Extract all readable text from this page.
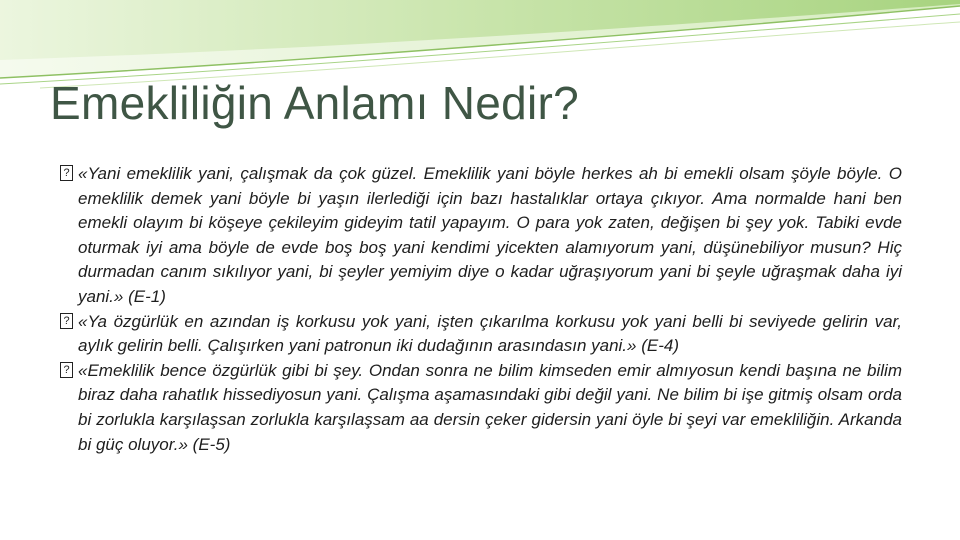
Emekliliğin Anlamı Nedir?

? «Yani emeklilik yani, çalışmak da çok güzel. Emeklilik yani böyle herkes ah bi emekli olsam şöyle böyle. O emeklilik demek yani böyle bi yaşın ilerlediği için bazı hastalıklar ortaya çıkıyor. Ama normalde hani ben emekli olayım bi köşeye çekileyim gideyim tatil yapayım. O para yok zaten, değişen bi şey yok. Tabiki evde oturmak iyi ama böyle de evde boş boş yani kendimi yicekten alamıyorum yani, düşünebiliyor musun? Hiç durmadan canım sıkılıyor yani, bi şeyler yemiyim diye o kadar uğraşıyorum yani bi şeyle uğraşmak daha iyi yani.» (E-1)

? «Ya özgürlük en azından iş korkusu yok yani, işten çıkarılma korkusu yok yani belli bi seviyede gelirin var, aylık gelirin belli. Çalışırken yani patronun iki dudağının arasındasın yani.» (E-4)

? «Emeklilik bence özgürlük gibi bi şey. Ondan sonra ne bilim kimseden emir almıyosun kendi başına ne bilim biraz daha rahatlık hissediyosun yani. Çalışma aşamasındaki gibi değil yani. Ne bilim bi işe gitmiş olsam orda bi zorlukla karşılaşsan zorlukla karşılaşsam aa dersin çeker gidersin yani öyle bi şeyi var emekliliğin. Arkanda bi güç oluyor.» (E-5)
